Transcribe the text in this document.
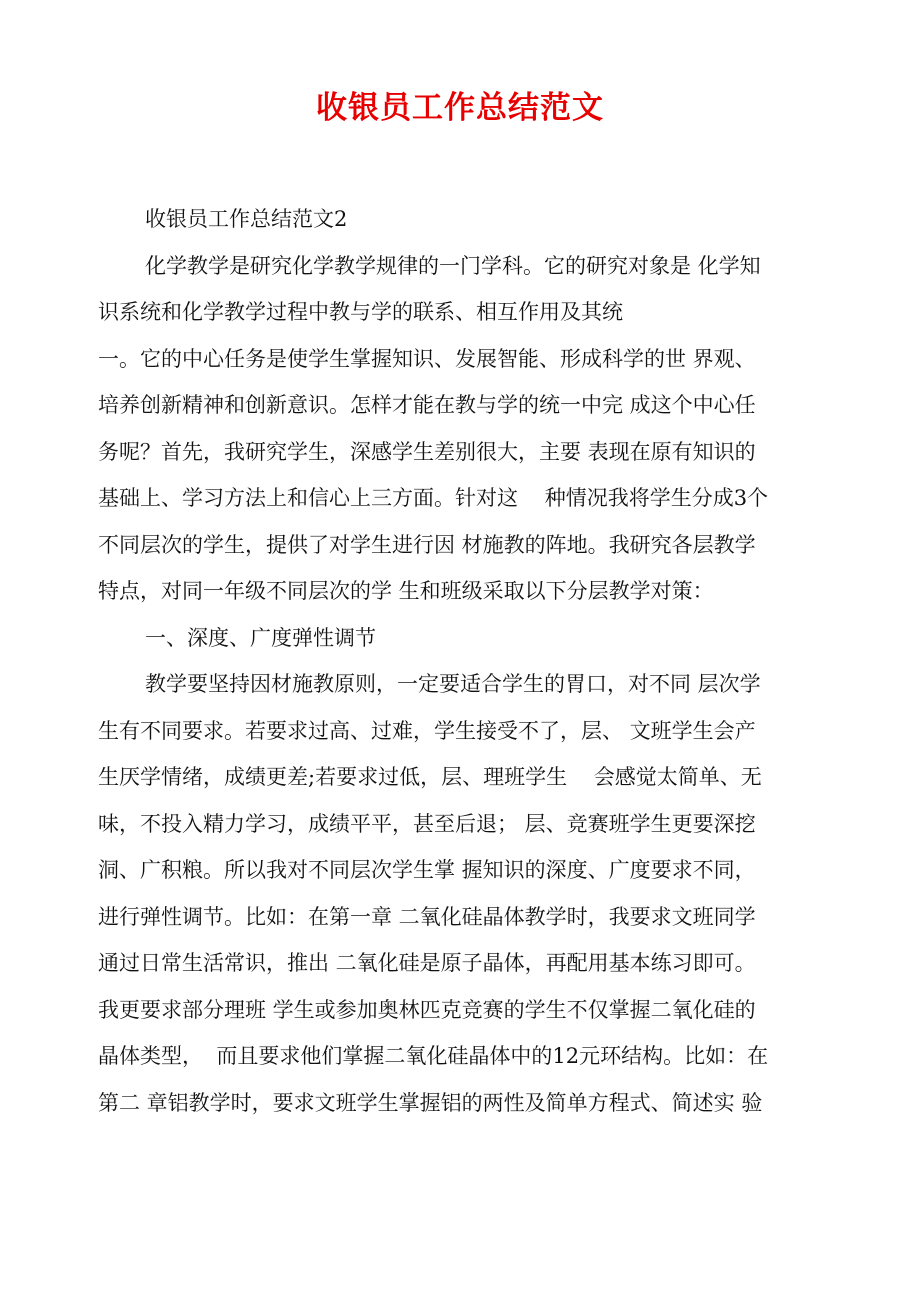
收银员工作总结范文
收银员工作总结范文2
化学教学是研究化学教学规律的一门学科。它的研究对象是 化学知
识系统和化学教学过程中教与学的联系、相互作用及其统
一。它的中心任务是使学生掌握知识、发展智能、形成科学的世 界观、
培养创新精神和创新意识。怎样才能在教与学的统一中完 成这个中心任
务呢？首先，我研究学生，深感学生差别很大，主要 表现在原有知识的
基础上、学习方法上和信心上三方面。针对这    种情况我将学生分成3个
不同层次的学生，提供了对学生进行因 材施教的阵地。我研究各层教学
特点，对同一年级不同层次的学 生和班级采取以下分层教学对策：
一、深度、广度弹性调节
教学要坚持因材施教原则，一定要适合学生的胃口，对不同 层次学
生有不同要求。若要求过高、过难，学生接受不了，层、 文班学生会产
生厌学情绪，成绩更差;若要求过低，层、理班学生    会感觉太简单、无
味，不投入精力学习，成绩平平，甚至后退； 层、竞赛班学生更要深挖
洞、广积粮。所以我对不同层次学生掌 握知识的深度、广度要求不同，
进行弹性调节。比如：在第一章 二氧化硅晶体教学时，我要求文班同学
通过日常生活常识，推出 二氧化硅是原子晶体，再配用基本练习即可。
我更要求部分理班 学生或参加奥林匹克竞赛的学生不仅掌握二氧化硅的
晶体类型，  而且要求他们掌握二氧化硅晶体中的12元环结构。比如：在
第二 章铝教学时，要求文班学生掌握铝的两性及简单方程式、简述实 验
